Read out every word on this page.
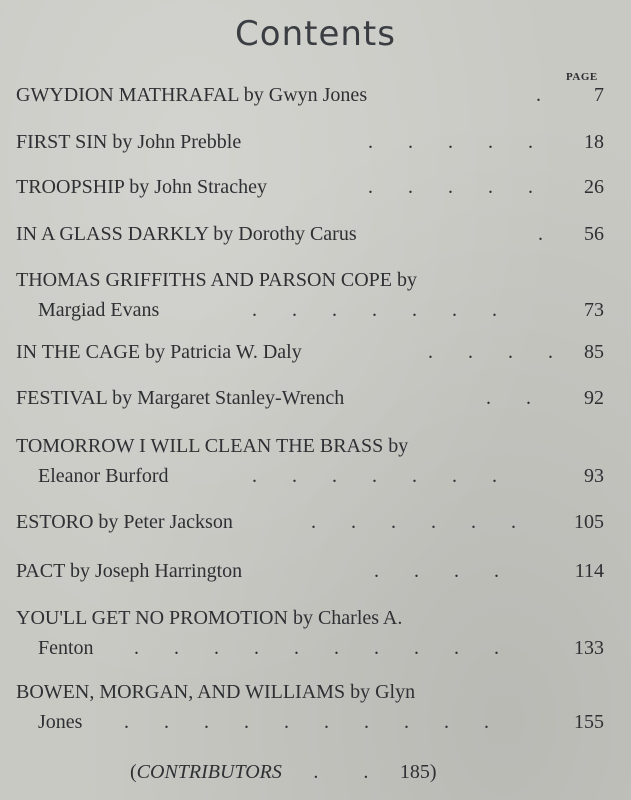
Contents
PAGE
GWYDION MATHRAFAL by Gwyn Jones	.	7
FIRST SIN by John Prebble	. . . . .	18
TROOPSHIP by John Strachey	. . . . .	26
IN A GLASS DARKLY by Dorothy Carus	. 56
THOMAS GRIFFITHS AND PARSON COPE by
Margiad Evans	. . . . . . .	73
IN THE CAGE by Patricia W. Daly	. . . . 85
FESTIVAL by Margaret Stanley-Wrench	. .	92
TOMORROW I WILL CLEAN THE BRASS by
Eleanor Burford	. . . . . . .	93
ESTORO by Peter Jackson	. . . . . .	105
PACT by Joseph Harrington	. . . .	114
YOU'LL GET NO PROMOTION by Charles A.
Fenton . . . . . . . . . .	133
BOWEN, MORGAN, AND WILLIAMS by Glyn
Jones . . . . . . . . . .	155
(CONTRIBUTORS . . 185)
